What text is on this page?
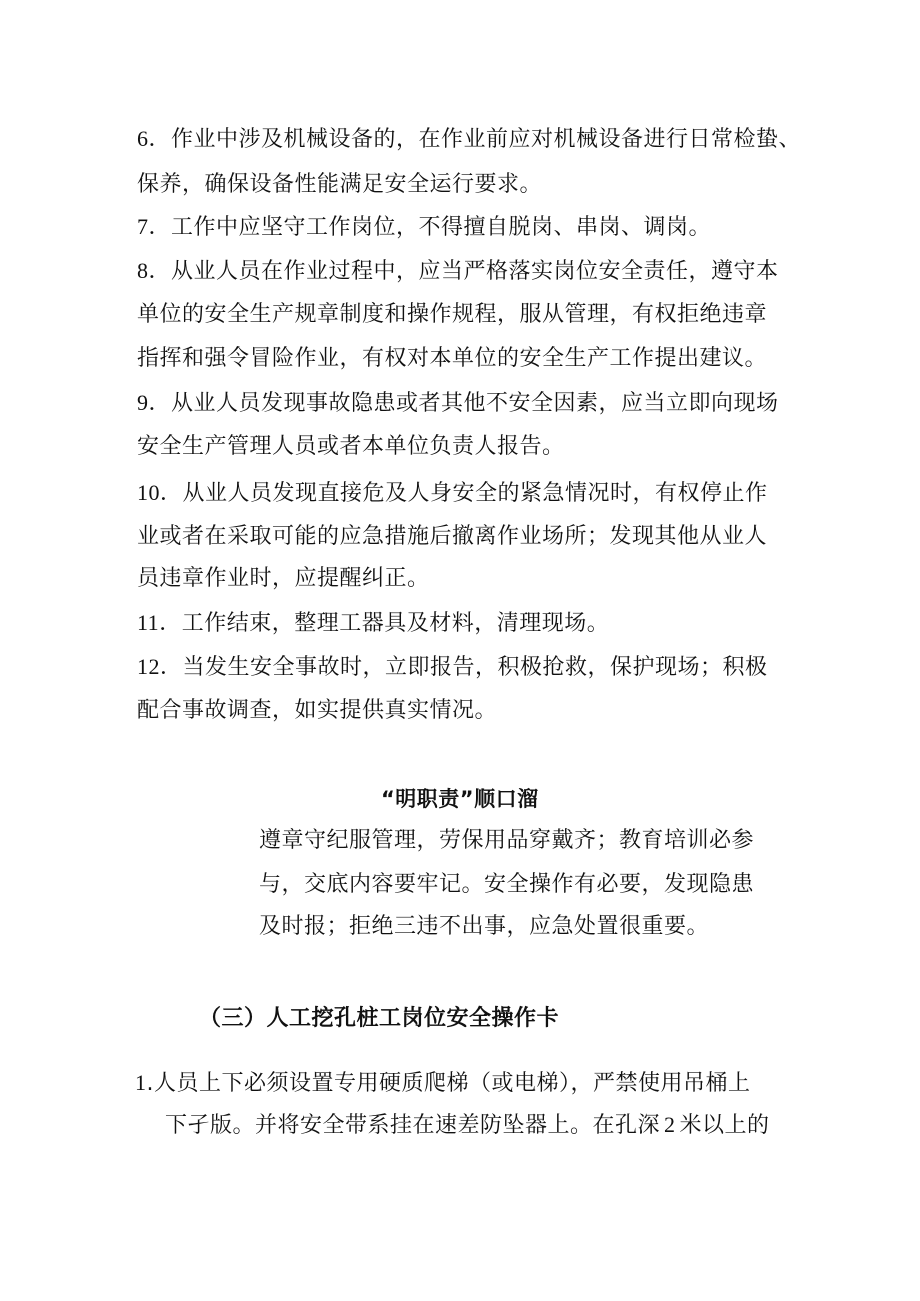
6．作业中涉及机械设备的，在作业前应对机械设备进行日常检蛰、
保养，确保设备性能满足安全运行要求。
7．工作中应坚守工作岗位，不得擅自脱岗、串岗、调岗。
8．从业人员在作业过程中，应当严格落实岗位安全责任，遵守本
单位的安全生产规章制度和操作规程，服从管理，有权拒绝违章
指挥和强令冒险作业，有权对本单位的安全生产工作提出建议。
9．从业人员发现事故隐患或者其他不安全因素，应当立即向现场
安全生产管理人员或者本单位负责人报告。
10．从业人员发现直接危及人身安全的紧急情况时，有权停止作
业或者在采取可能的应急措施后撤离作业场所；发现其他从业人
员违章作业时，应提醒纠正。
11．工作结束，整理工器具及材料，清理现场。
12．当发生安全事故时，立即报告，积极抢救，保护现场；积极
配合事故调查，如实提供真实情况。
“明职责”顺口溜
遵章守纪服管理，劳保用品穿戴齐；教育培训必参
与，交底内容要牢记。安全操作有必要，发现隐患
及时报；拒绝三违不出事，应急处置很重要。
（三）人工挖孔桩工岗位安全操作卡
1.人员上下必须设置专用硬质爬梯（或电梯），严禁使用吊桶上
下孑版。并将安全带系挂在速差防坠器上。在孔深 2 米以上的
